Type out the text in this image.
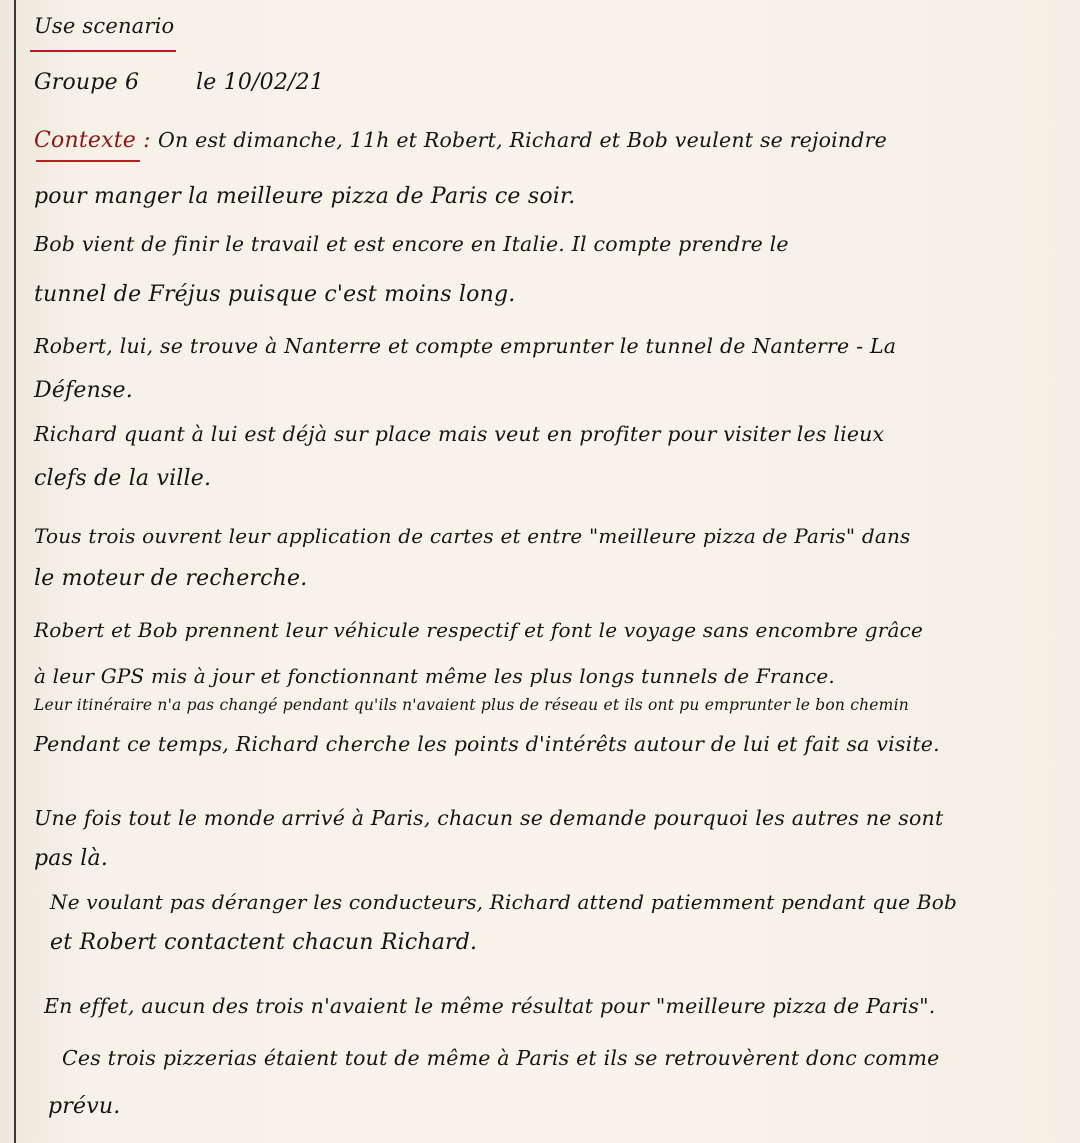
Use scenario
Groupe 6	le 10/02/21
Contexte : On est dimanche, 11h et Robert, Richard et Bob veulent se rejoindre
pour manger la meilleure pizza de Paris ce soir.
Bob vient de finir le travail et est encore en Italie. Il compte prendre le
tunnel de Fréjus puisque c'est moins long.
Robert, lui, se trouve à Nanterre et compte emprunter le tunnel de Nanterre - La
Défense.
Richard quant à lui est déjà sur place mais veut en profiter pour visiter les lieux
clefs de la ville.
Tous trois ouvrent leur application de cartes et entre "meilleure pizza de Paris" dans
le moteur de recherche.
Robert et Bob prennent leur véhicule respectif et font le voyage sans encombre grâce
à leur GPS mis à jour et fonctionnant même les plus longs tunnels de France.
Leur itinéraire n'a pas changé pendant qu'ils n'avaient plus de réseau et ils ont pu emprunter le bon chemin
Pendant ce temps, Richard cherche les points d'intérêts autour de lui et fait sa visite.
Une fois tout le monde arrivé à Paris, chacun se demande pourquoi les autres ne sont
pas là.
Ne voulant pas déranger les conducteurs, Richard attend patiemment pendant que Bob
et Robert contactent chacun Richard.
En effet, aucun des trois n'avaient le même résultat pour "meilleure pizza de Paris".
Ces trois pizzerias étaient tout de même à Paris et ils se retrouvèrent donc comme
prévu.
